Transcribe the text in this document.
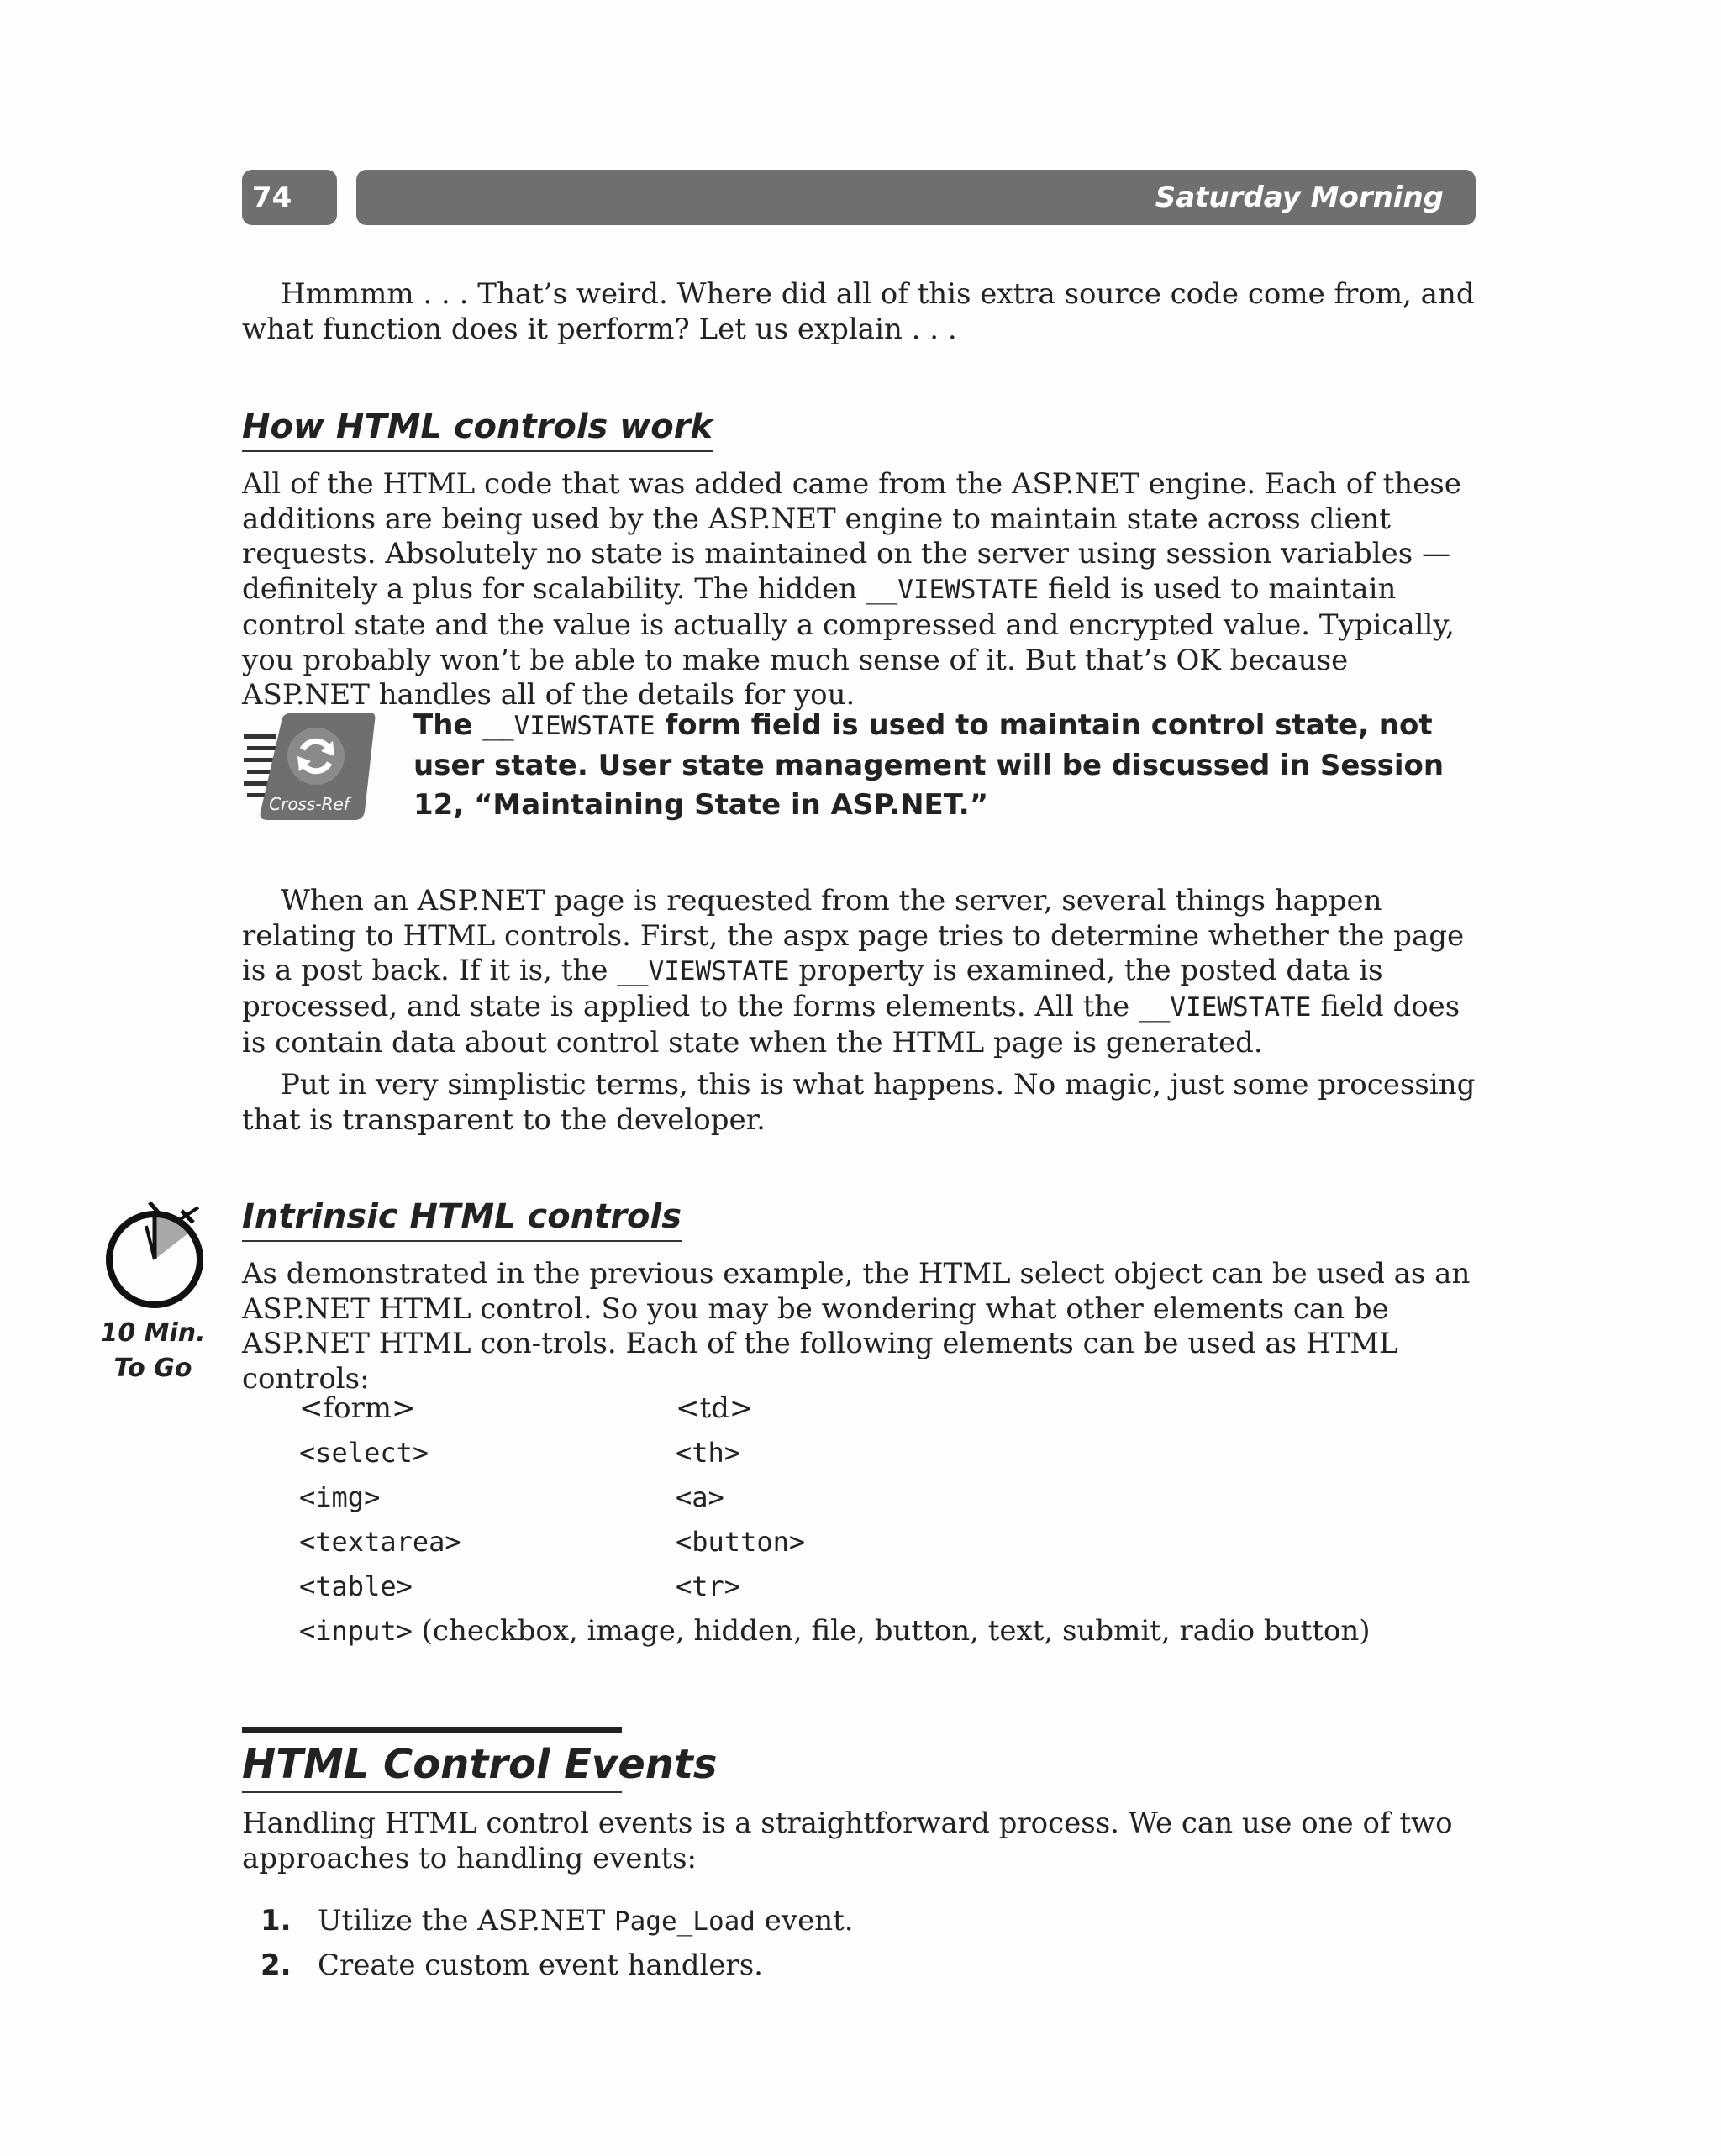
74	Saturday Morning

Hmmmm . . . That’s weird. Where did all of this extra source code come from, and what function does it perform? Let us explain . . .

How HTML controls work

All of the HTML code that was added came from the ASP.NET engine. Each of these additions are being used by the ASP.NET engine to maintain state across client requests. Absolutely no state is maintained on the server using session variables — definitely a plus for scalability. The hidden __VIEWSTATE field is used to maintain control state and the value is actually a compressed and encrypted value. Typically, you probably won’t be able to make much sense of it. But that’s OK because ASP.NET handles all of the details for you.

Cross-Ref

The __VIEWSTATE form field is used to maintain control state, not user state. User state management will be discussed in Session 12, “Maintaining State in ASP.NET.”

When an ASP.NET page is requested from the server, several things happen relating to HTML controls. First, the aspx page tries to determine whether the page is a post back. If it is, the __VIEWSTATE property is examined, the posted data is processed, and state is applied to the forms elements. All the __VIEWSTATE field does is contain data about control state when the HTML page is generated.

Put in very simplistic terms, this is what happens. No magic, just some processing that is transparent to the developer.

10 Min.
To Go
Intrinsic HTML controls

As demonstrated in the previous example, the HTML select object can be used as an ASP.NET HTML control. So you may be wondering what other elements can be ASP.NET HTML con-trols. Each of the following elements can be used as HTML controls:

<form>	<td>
<select>	<th>
<img>	<a>
<textarea>	<button>
<table>	<tr>
<input> (checkbox, image, hidden, file, button, text, submit, radio button)
HTML Control Events

Handling HTML control events is a straightforward process. We can use one of two approaches to handling events:

1. Utilize the ASP.NET Page_Load event.
2. Create custom event handlers.
